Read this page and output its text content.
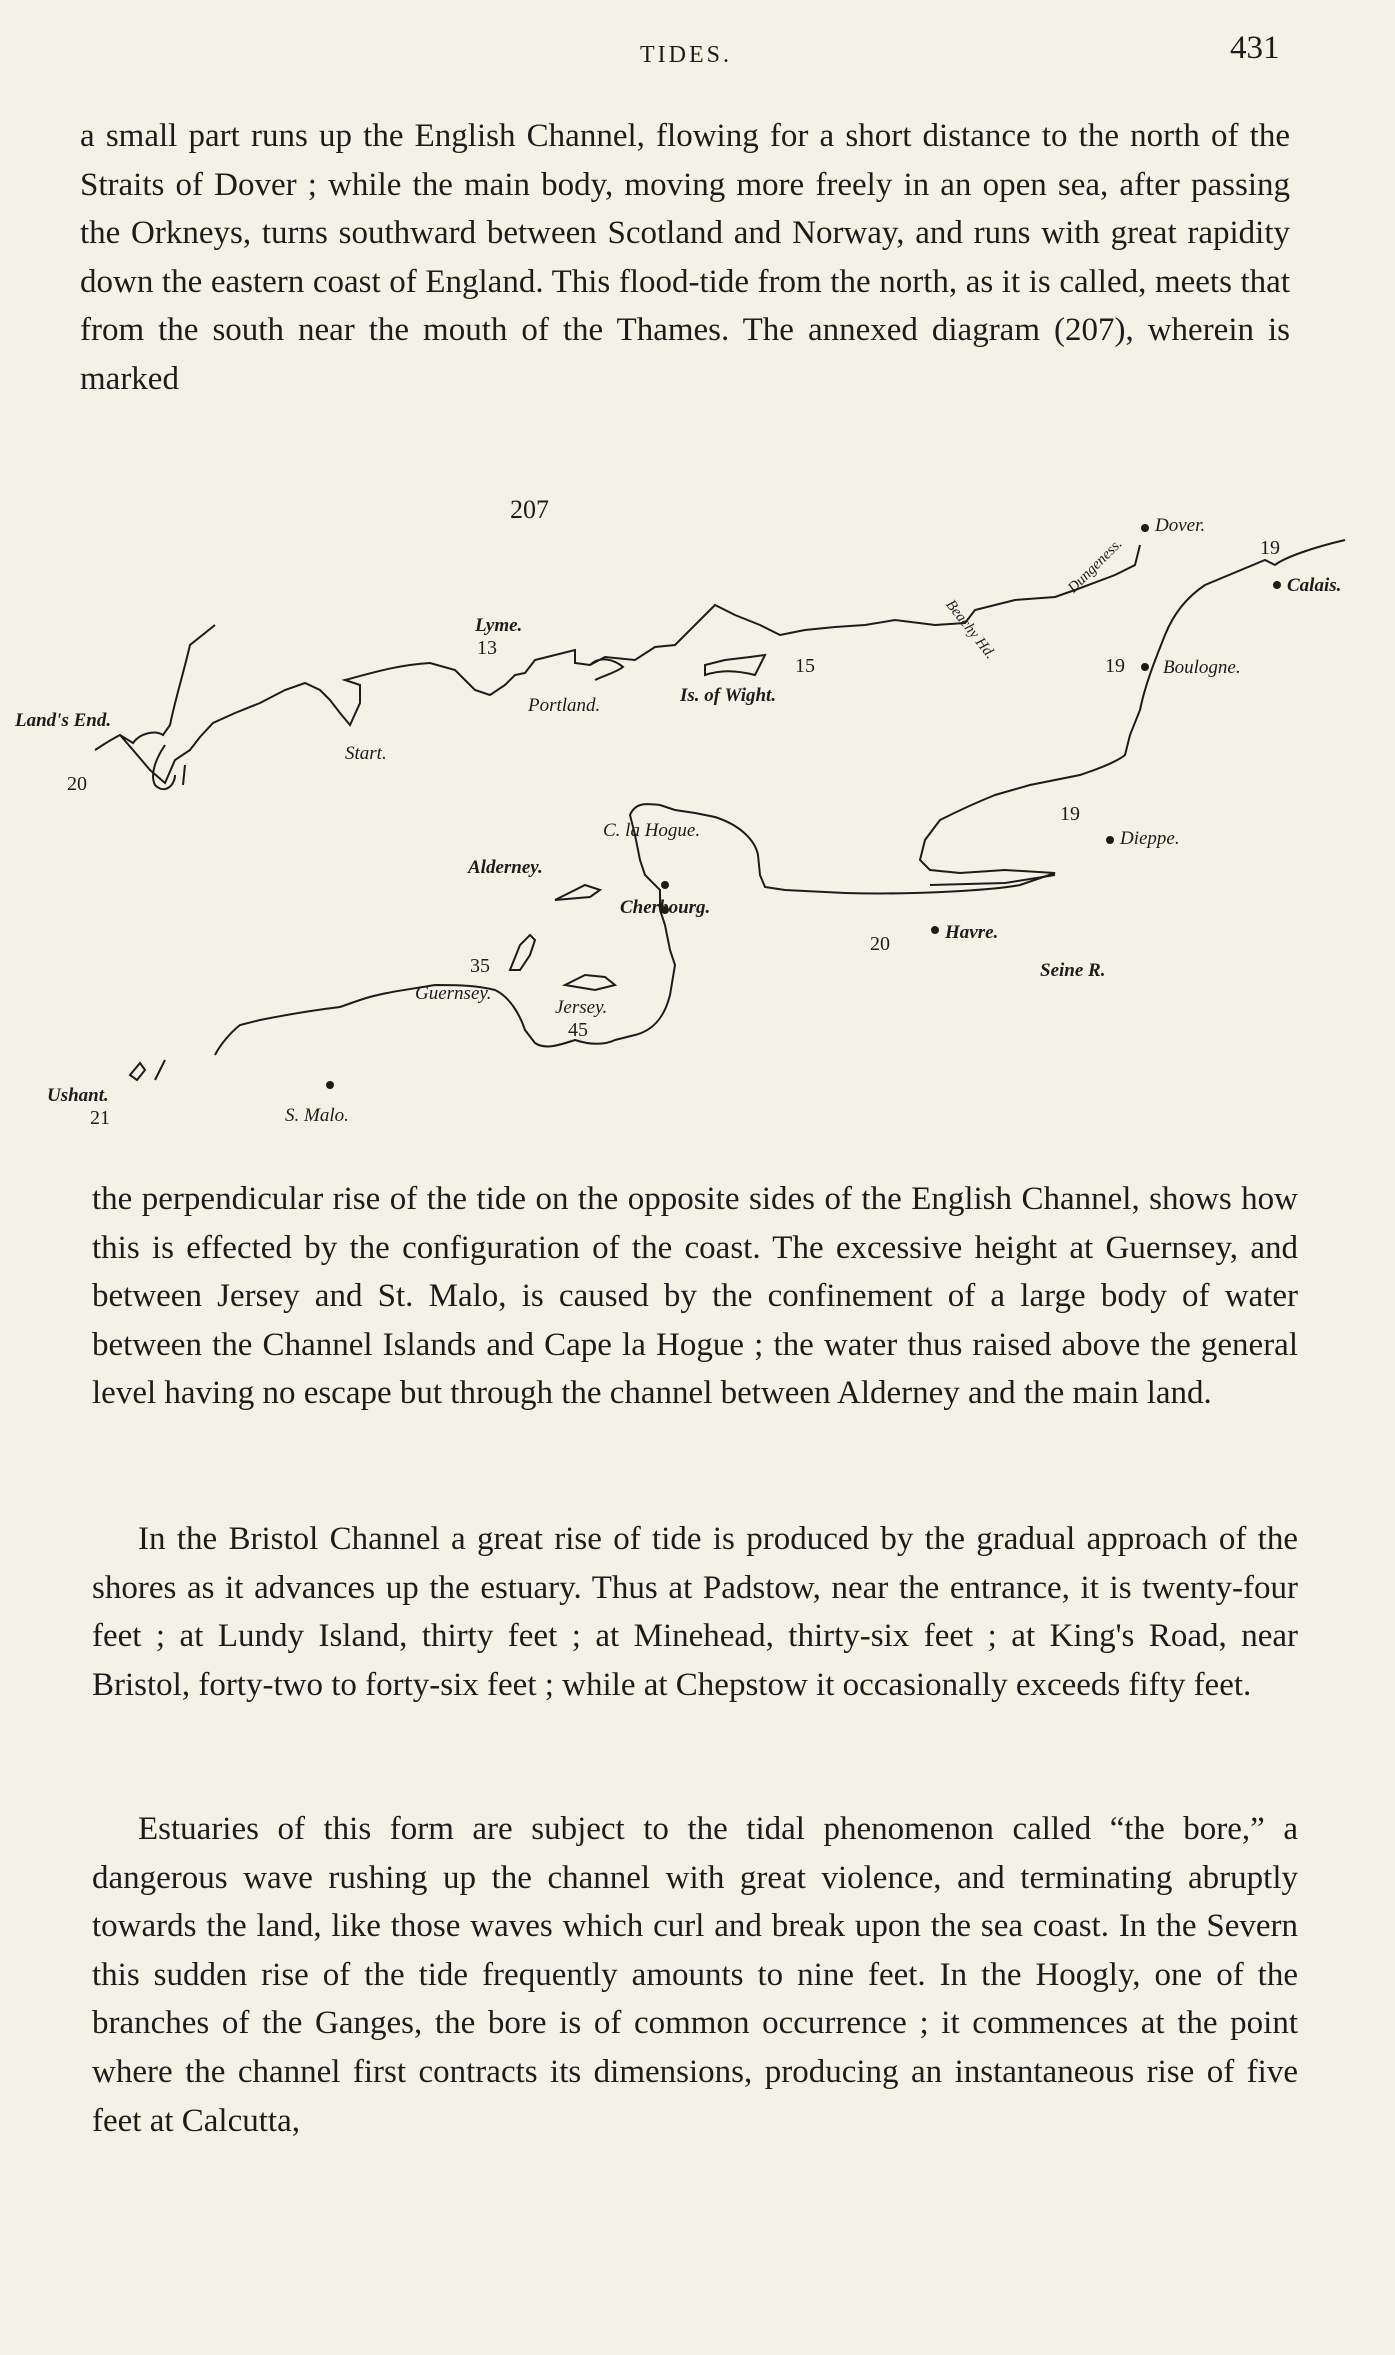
TIDES.	431

a small part runs up the English Channel, flowing for a short distance to the north of the Straits of Dover ; while the main body, moving more freely in an open sea, after passing the Orkneys, turns southward between Scotland and Norway, and runs with great rapidity down the eastern coast of England. This flood-tide from the north, as it is called, meets that from the south near the mouth of the Thames. The annexed diagram (207), wherein is marked

207
Land's End.
20
Lyme.
13
Portland.	Is. of Wight.
15
Start.
Beachy Hd.
Dungeness.
Dover.
19
Calais.
19 Boulogne.
19
Dieppe.
C. la Hogue.
Alderney.
Cherbourg.
20
Havre.
Seine R.
35
Guernsey.
Jersey.
45
Ushant.
21	S. Malo.

the perpendicular rise of the tide on the opposite sides of the English Channel, shows how this is effected by the configuration of the coast. The excessive height at Guernsey, and between Jersey and St. Malo, is caused by the confinement of a large body of water between the Channel Islands and Cape la Hogue ; the water thus raised above the general level having no escape but through the channel between Alderney and the main land.

In the Bristol Channel a great rise of tide is produced by the gradual approach of the shores as it advances up the estuary. Thus at Padstow, near the entrance, it is twenty-four feet ; at Lundy Island, thirty feet ; at Minehead, thirty-six feet ; at King's Road, near Bristol, forty-two to forty-six feet ; while at Chepstow it occasionally exceeds fifty feet.

Estuaries of this form are subject to the tidal phenomenon called “the bore,” a dangerous wave rushing up the channel with great violence, and terminating abruptly towards the land, like those waves which curl and break upon the sea coast. In the Severn this sudden rise of the tide frequently amounts to nine feet. In the Hoogly, one of the branches of the Ganges, the bore is of common occurrence ; it commences at the point where the channel first contracts its dimensions, producing an instantaneous rise of five feet at Calcutta,
